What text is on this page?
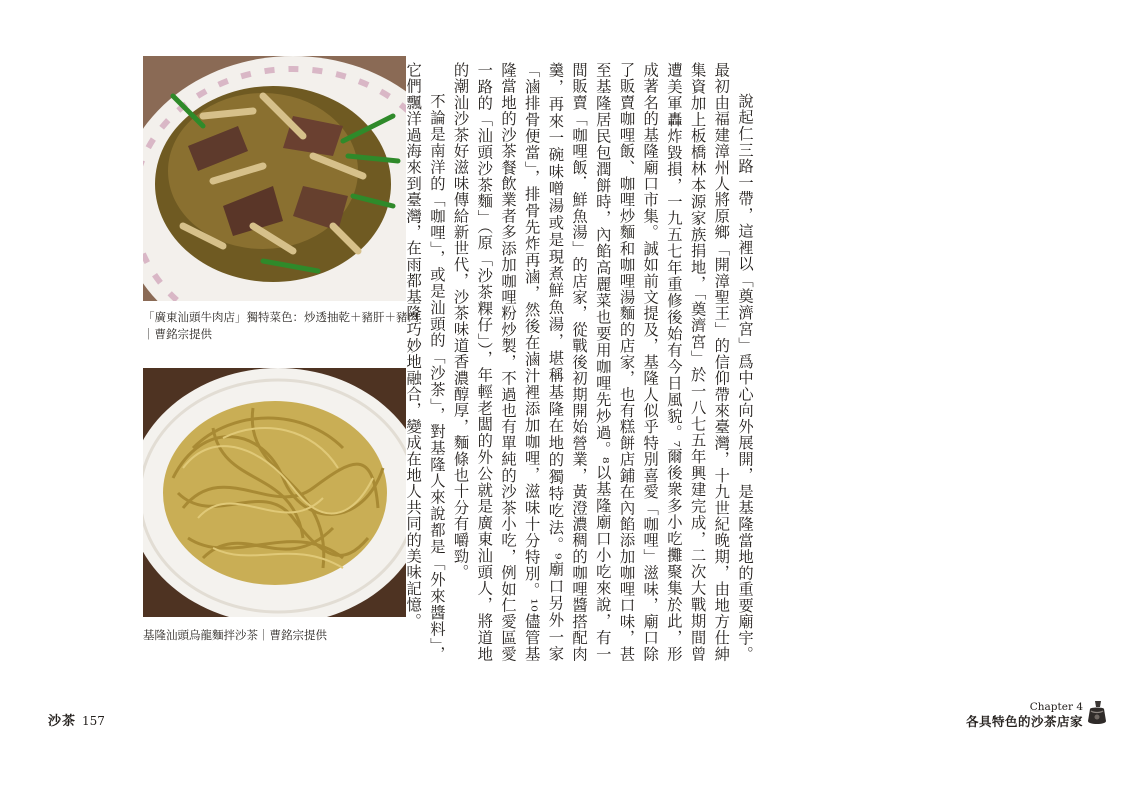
「廣東汕頭牛肉店」獨特菜色：炒透抽乾＋豬肝＋豬肉｜曹銘宗提供
基隆汕頭烏龍麵拌沙茶｜曹銘宗提供	說起仁三路一帶，這裡以「奠濟宮」爲中心向外展開，是基隆當地的重要廟宇。最初由福建漳州人將原鄉「開漳聖王」的信仰帶來臺灣，十九世紀晚期，由地方仕紳集資加上板橋林本源家族捐地，「奠濟宮」於一八七五年興建完成，二次大戰期間曾遭美軍轟炸毀損，一九五七年重修後始有今日風貌。⁷爾後衆多小吃攤聚集於此，形成著名的基隆廟口市集。誠如前文提及，基隆人似乎特別喜愛「咖哩」滋味，廟口除了販賣咖哩飯、咖哩炒麵和咖哩湯麵的店家，也有糕餅店鋪在內餡添加咖哩口味，甚至基隆居民包潤餅時，內餡高麗菜也要用咖哩先炒過。⁸以基隆廟口小吃來說，有一間販賣「咖哩飯．鮮魚湯」的店家，從戰後初期開始營業，黃澄濃稠的咖哩醬搭配肉羹，再來一碗味噌湯或是現煮鮮魚湯，堪稱基隆在地的獨特吃法。⁹廟口另外一家「滷排骨便當」，排骨先炸再滷，然後在滷汁裡添加咖哩，滋味十分特別。¹⁰儘管基隆當地的沙茶餐飲業者多添加咖哩粉炒製，不過也有單純的沙茶小吃，例如仁愛區愛一路的「汕頭沙茶麵」（原「沙茶粿仔」），年輕老闆的外公就是廣東汕頭人，將道地的潮汕沙茶好滋味傳給新世代，沙茶味道香濃醇厚，麵條也十分有嚼勁。

不論是南洋的「咖哩」，或是汕頭的「沙茶」，對基隆人來說都是「外來醬料」，它們飄洋過海來到臺灣，在雨都基隆巧妙地融合，變成在地人共同的美味記憶。

沙茶 157
Chapter 4
各具特色的沙茶店家
